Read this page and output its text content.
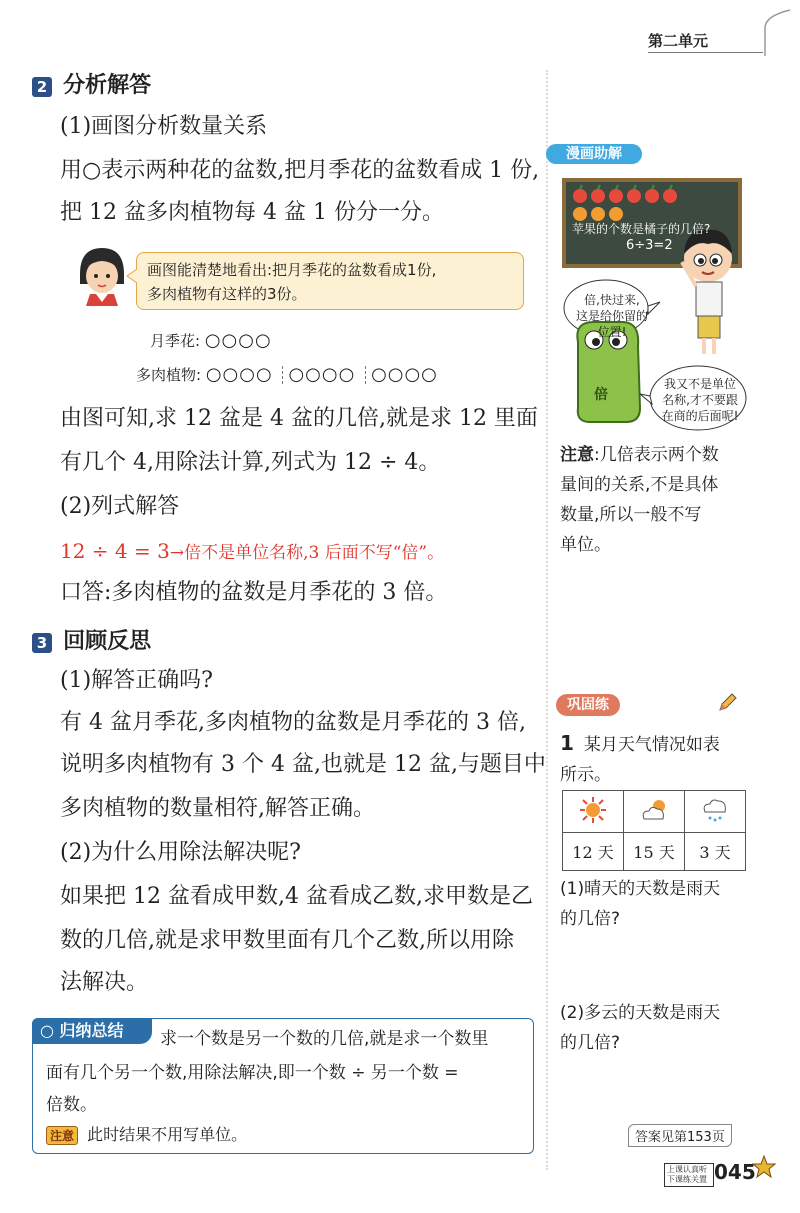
第二单元
2 分析解答
(1)画图分析数量关系
用○表示两种花的盆数,把月季花的盆数看成 1 份,
把 12 盆多肉植物每 4 盆 1 份分一分。
画图能清楚地看出:把月季花的盆数看成1份,
多肉植物有这样的3份。
月季花: ○○○○
多肉植物: ○○○○ ○○○○ ○○○○
由图可知,求 12 盆是 4 盆的几倍,就是求 12 里面
有几个 4,用除法计算,列式为 12 ÷ 4。
(2)列式解答
12 ÷ 4 = 3→倍不是单位名称,3 后面不写“倍”。
口答:多肉植物的盆数是月季花的 3 倍。
3 回顾反思
(1)解答正确吗?
有 4 盆月季花,多肉植物的盆数是月季花的 3 倍,
说明多肉植物有 3 个 4 盆,也就是 12 盆,与题目中
多肉植物的数量相符,解答正确。
(2)为什么用除法解决呢?
如果把 12 盆看成甲数,4 盆看成乙数,求甲数是乙
数的几倍,就是求甲数里面有几个乙数,所以用除
法解决。
○ 归纳总结	求一个数是另一个数的几倍,就是求一个数里
面有几个另一个数,用除法解决,即一个数 ÷ 另一个数 =
倍数。
注意 此时结果不用写单位。
漫画助解
苹果的个数是橘子的几倍?
6÷3=2
倍,快过来,
这是给你留的
位置!
倍
我又不是单位
名称,才不要跟
在商的后面呢!
注意:几倍表示两个数
量间的关系,不是具体
数量,所以一般不写
单位。
巩固练
1 某月天气情况如表
所示。

12 天	15 天	3 天
(1)晴天的天数是雨天
的几倍?
(2)多云的天数是雨天
的几倍?
答案见第153页
上课认真听
下课练关置 045
